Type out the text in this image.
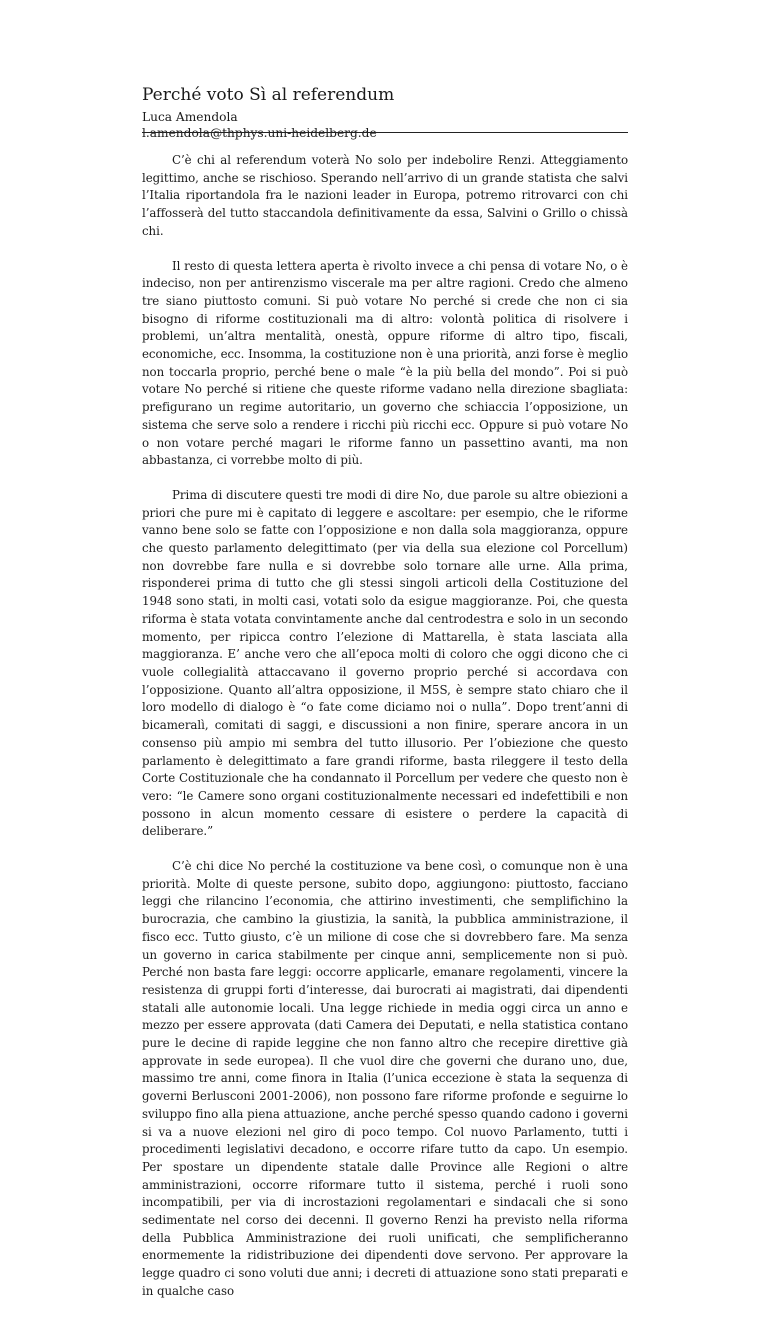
Perché voto Sì al referendum
Luca Amendola
l.amendola@thphys.uni-heidelberg.de

C’è chi al referendum voterà No solo per indebolire Renzi. Atteggiamento legittimo, anche se rischioso. Sperando nell’arrivo di un grande statista che salvi l’Italia riportandola fra le nazioni leader in Europa, potremo ritrovarci con chi l’affosserà del tutto staccandola definitivamente da essa, Salvini o Grillo o chissà chi.

Il resto di questa lettera aperta è rivolto invece a chi pensa di votare No, o è indeciso, non per antirenzismo viscerale ma per altre ragioni. Credo che almeno tre siano piuttosto comuni. Si può votare No perché si crede che non ci sia bisogno di riforme costituzionali ma di altro: volontà politica di risolvere i problemi, un’altra mentalità, onestà, oppure riforme di altro tipo, fiscali, economiche, ecc. Insomma, la costituzione non è una priorità, anzi forse è meglio non toccarla proprio, perché bene o male “è la più bella del mondo”. Poi si può votare No perché si ritiene che queste riforme vadano nella direzione sbagliata: prefigurano un regime autoritario, un governo che schiaccia l’opposizione, un sistema che serve solo a rendere i ricchi più ricchi ecc. Oppure si può votare No o non votare perché magari le riforme fanno un passettino avanti, ma non abbastanza, ci vorrebbe molto di più.

Prima di discutere questi tre modi di dire No, due parole su altre obiezioni a priori che pure mi è capitato di leggere e ascoltare: per esempio, che le riforme vanno bene solo se fatte con l’opposizione e non dalla sola maggioranza, oppure che questo parlamento delegittimato (per via della sua elezione col Porcellum) non dovrebbe fare nulla e si dovrebbe solo tornare alle urne. Alla prima, risponderei prima di tutto che gli stessi singoli articoli della Costituzione del 1948 sono stati, in molti casi, votati solo da esigue maggioranze. Poi, che questa riforma è stata votata convintamente anche dal centrodestra e solo in un secondo momento, per ripicca contro l’elezione di Mattarella, è stata lasciata alla maggioranza. E’ anche vero che all’epoca molti di coloro che oggi dicono che ci vuole collegialità attaccavano il governo proprio perché si accordava con l’opposizione. Quanto all’altra opposizione, il M5S, è sempre stato chiaro che il loro modello di dialogo è “o fate come diciamo noi o nulla”. Dopo trent’anni di bicameralì, comitati di saggi, e discussioni a non finire, sperare ancora in un consenso più ampio mi sembra del tutto illusorio. Per l’obiezione che questo parlamento è delegittimato a fare grandi riforme, basta rileggere il testo della Corte Costituzionale che ha condannato il Porcellum per vedere che questo non è vero: “le Camere sono organi costituzionalmente necessari ed indefettibili e non possono in alcun momento cessare di esistere o perdere la capacità di deliberare.”

C’è chi dice No perché la costituzione va bene così, o comunque non è una priorità. Molte di queste persone, subito dopo, aggiungono: piuttosto, facciano leggi che rilancino l’economia, che attirino investimenti, che semplifichino la burocrazia, che cambino la giustizia, la sanità, la pubblica amministrazione, il fisco ecc. Tutto giusto, c’è un milione di cose che si dovrebbero fare. Ma senza un governo in carica stabilmente per cinque anni, semplicemente non si può. Perché non basta fare leggi: occorre applicarle, emanare regolamenti, vincere la resistenza di gruppi forti d’interesse, dai burocrati ai magistrati, dai dipendenti statali alle autonomie locali. Una legge richiede in media oggi circa un anno e mezzo per essere approvata (dati Camera dei Deputati, e nella statistica contano pure le decine di rapide leggine che non fanno altro che recepire direttive già approvate in sede europea). Il che vuol dire che governi che durano uno, due, massimo tre anni, come finora in Italia (l’unica eccezione è stata la sequenza di governi Berlusconi 2001-2006), non possono fare riforme profonde e seguirne lo sviluppo fino alla piena attuazione, anche perché spesso quando cadono i governi si va a nuove elezioni nel giro di poco tempo. Col nuovo Parlamento, tutti i procedimenti legislativi decadono, e occorre rifare tutto da capo. Un esempio. Per spostare un dipendente statale dalle Province alle Regioni o altre amministrazioni, occorre riformare tutto il sistema, perché i ruoli sono incompatibili, per via di incrostazioni regolamentari e sindacali che si sono sedimentate nel corso dei decenni. Il governo Renzi ha previsto nella riforma della Pubblica Amministrazione dei ruoli unificati, che semplificheranno enormemente la ridistribuzione dei dipendenti dove servono. Per approvare la legge quadro ci sono voluti due anni; i decreti di attuazione sono stati preparati e in qualche caso
